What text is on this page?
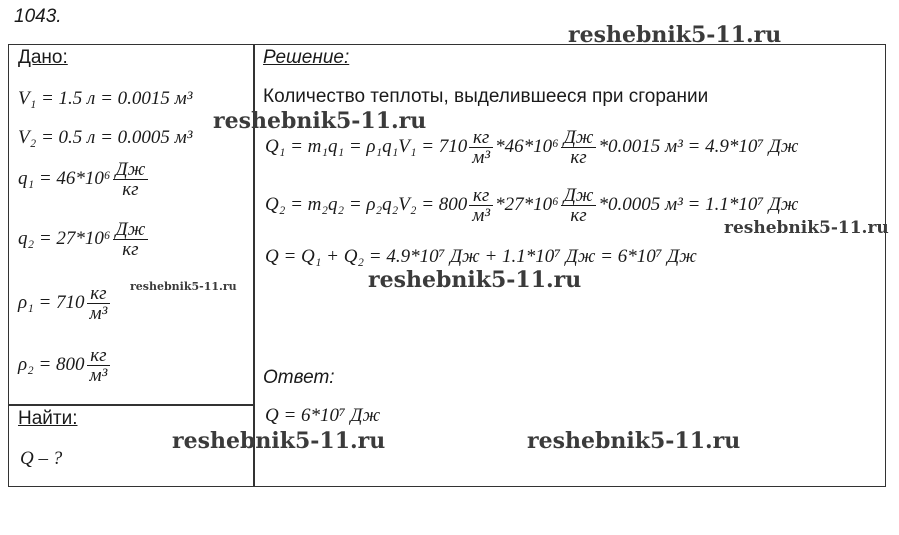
1043.
Дано:
V₁ = 1.5 л = 0.0015 м³
V₂ = 0.5 л = 0.0005 м³
$q_1 = 46*10^6 \frac{Дж}{кг}$
$q_2 = 27*10^6 \frac{Дж}{кг}$
$\rho_1 = 710 \frac{кг}{\text{м³}}$
$\rho_2 = 800 \frac{кг}{\text{м³}}$
Найти:
Q – ?
Решение:
Количество теплоты, выделившееся при сгорании
$Q_1 = m_1q_1 = \rho_1q_1V_1 = 710 \frac{кг}{\text{м³}} *46*10^6 \frac{Дж}{кг} *0.0015$ м³ = 4.9*10⁷ Дж
$Q_2 = m_2q_2 = \rho_2q_2V_2 = 800 \frac{кг}{\text{м³}} *27*10^6 \frac{Дж}{кг} *0.0005$ м³ = 1.1*10⁷ Дж
Q = Q₁ + Q₂ = 4.9*10⁷ Дж + 1.1*10⁷ Дж = 6*10⁷ Дж
Ответ:
Q = 6*10⁷ Дж
reshebnik5-11.ru
reshebnik5-11.ru
reshebnik5-11.ru
reshebnik5-11.ru
reshebnik5-11.ru
reshebnik5-11.ru	reshebnik5-11.ru
